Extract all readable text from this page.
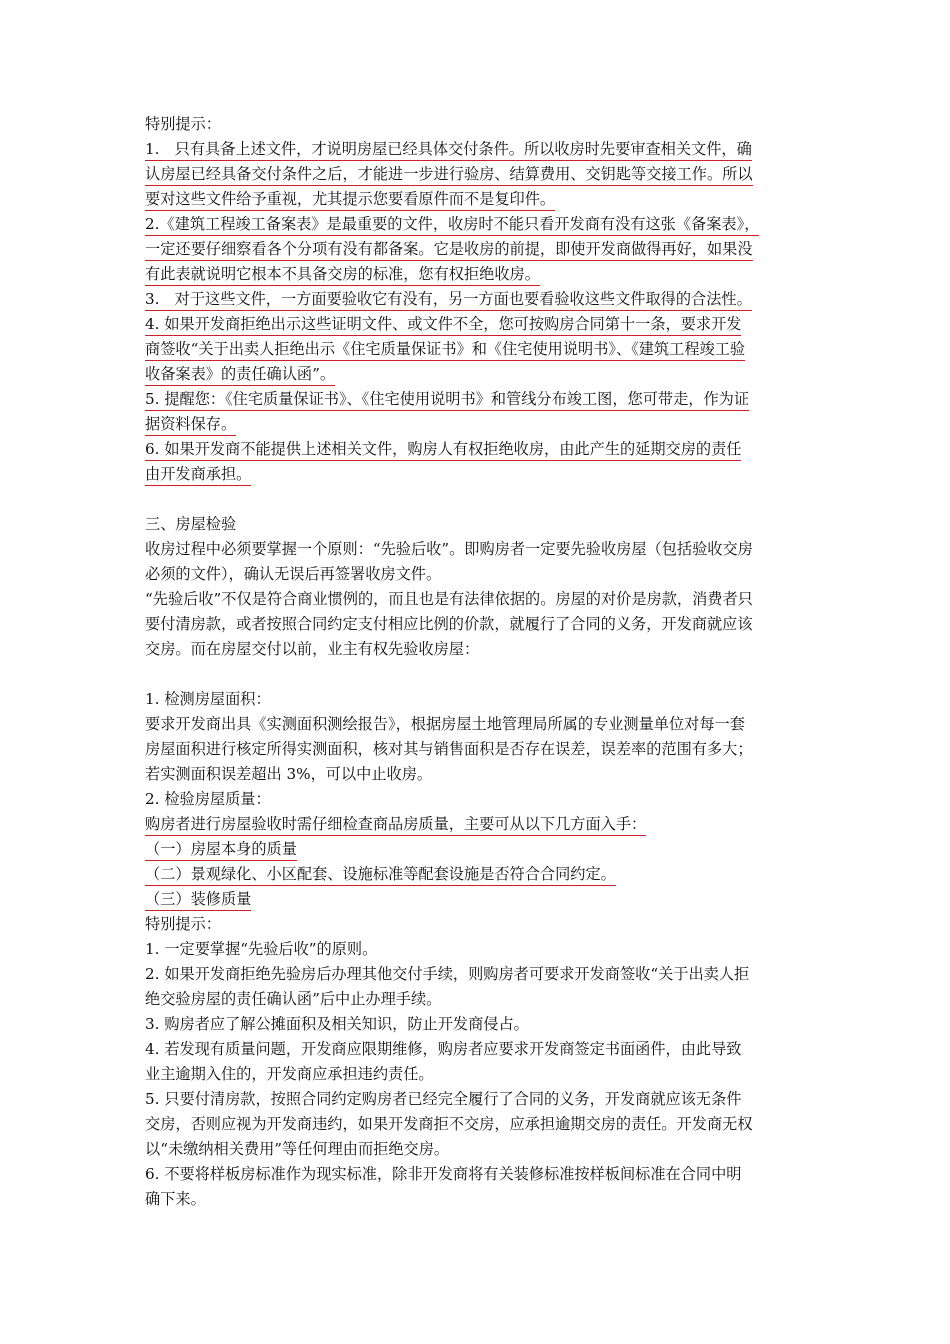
特别提示：
1.　只有具备上述文件，才说明房屋已经具体交付条件。所以收房时先要审查相关文件，确
认房屋已经具备交付条件之后，才能进一步进行验房、结算费用、交钥匙等交接工作。所以
要对这些文件给予重视，尤其提示您要看原件而不是复印件。
2.《建筑工程竣工备案表》是最重要的文件，收房时不能只看开发商有没有这张《备案表》，
一定还要仔细察看各个分项有没有都备案。它是收房的前提，即使开发商做得再好，如果没
有此表就说明它根本不具备交房的标准，您有权拒绝收房。
3.　对于这些文件，一方面要验收它有没有，另一方面也要看验收这些文件取得的合法性。
4. 如果开发商拒绝出示这些证明文件、或文件不全，您可按购房合同第十一条，要求开发
商签收“关于出卖人拒绝出示《住宅质量保证书》和《住宅使用说明书》、《建筑工程竣工验
收备案表》的责任确认函”。
5. 提醒您：《住宅质量保证书》、《住宅使用说明书》和管线分布竣工图，您可带走，作为证
据资料保存。
6. 如果开发商不能提供上述相关文件，购房人有权拒绝收房，由此产生的延期交房的责任
由开发商承担。
三、房屋检验
收房过程中必须要掌握一个原则：“先验后收”。即购房者一定要先验收房屋（包括验收交房
必须的文件），确认无误后再签署收房文件。
“先验后收”不仅是符合商业惯例的，而且也是有法律依据的。房屋的对价是房款，消费者只
要付清房款，或者按照合同约定支付相应比例的价款，就履行了合同的义务，开发商就应该
交房。而在房屋交付以前，业主有权先验收房屋：
1. 检测房屋面积：
要求开发商出具《实测面积测绘报告》，根据房屋土地管理局所属的专业测量单位对每一套
房屋面积进行核定所得实测面积，核对其与销售面积是否存在误差，误差率的范围有多大；
若实测面积误差超出 3%，可以中止收房。
2. 检验房屋质量：
购房者进行房屋验收时需仔细检查商品房质量，主要可从以下几方面入手：
（一）房屋本身的质量
（二）景观绿化、小区配套、设施标准等配套设施是否符合合同约定。
（三）装修质量
特别提示：
1. 一定要掌握“先验后收”的原则。
2. 如果开发商拒绝先验房后办理其他交付手续，则购房者可要求开发商签收“关于出卖人拒
绝交验房屋的责任确认函”后中止办理手续。
3. 购房者应了解公摊面积及相关知识，防止开发商侵占。
4. 若发现有质量问题，开发商应限期维修，购房者应要求开发商签定书面函件，由此导致
业主逾期入住的，开发商应承担违约责任。
5. 只要付清房款，按照合同约定购房者已经完全履行了合同的义务，开发商就应该无条件
交房，否则应视为开发商违约，如果开发商拒不交房，应承担逾期交房的责任。开发商无权
以“未缴纳相关费用”等任何理由而拒绝交房。
6. 不要将样板房标准作为现实标准，除非开发商将有关装修标准按样板间标准在合同中明
确下来。
